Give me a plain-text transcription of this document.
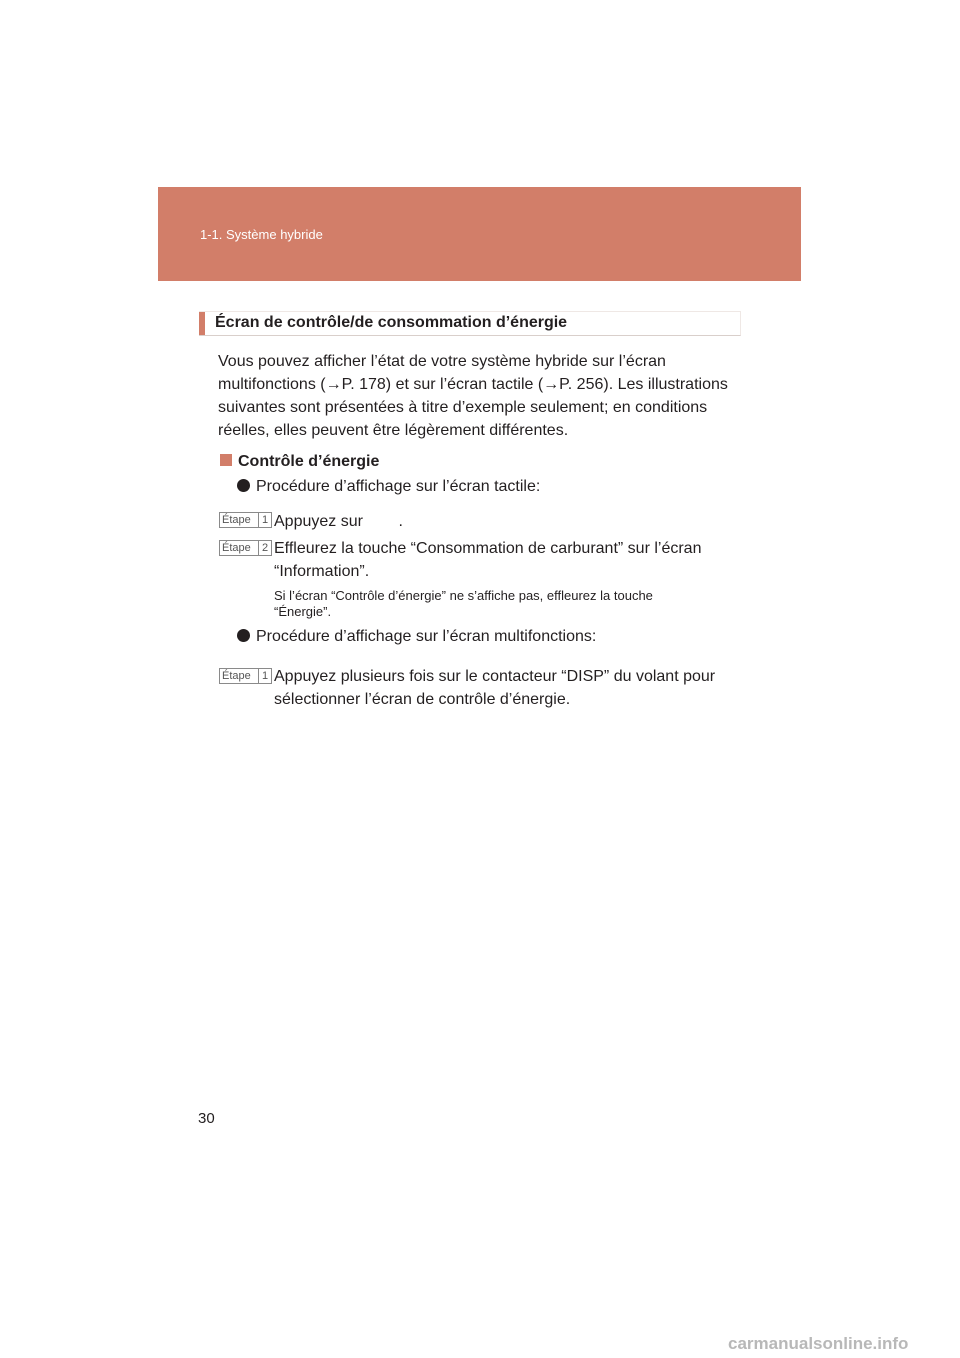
1-1. Système hybride
Écran de contrôle/de consommation d’énergie
Vous pouvez afficher l’état de votre système hybride sur l’écran
multifonctions (→P. 178) et sur l’écran tactile (→P. 256). Les illustrations
suivantes sont présentées à titre d’exemple seulement; en conditions
réelles, elles peuvent être légèrement différentes.
Contrôle d’énergie
Procédure d’affichage sur l’écran tactile:
Étape	1 Appuyez sur        .
Étape	2 Effleurez la touche “Consommation de carburant” sur l’écran
“Information”.
Si l’écran “Contrôle d’énergie” ne s’affiche pas, effleurez la touche
“Énergie”.
Procédure d’affichage sur l’écran multifonctions:
Étape	1 Appuyez plusieurs fois sur le contacteur “DISP” du volant pour
sélectionner l’écran de contrôle d’énergie.
30
carmanualsonline.info
